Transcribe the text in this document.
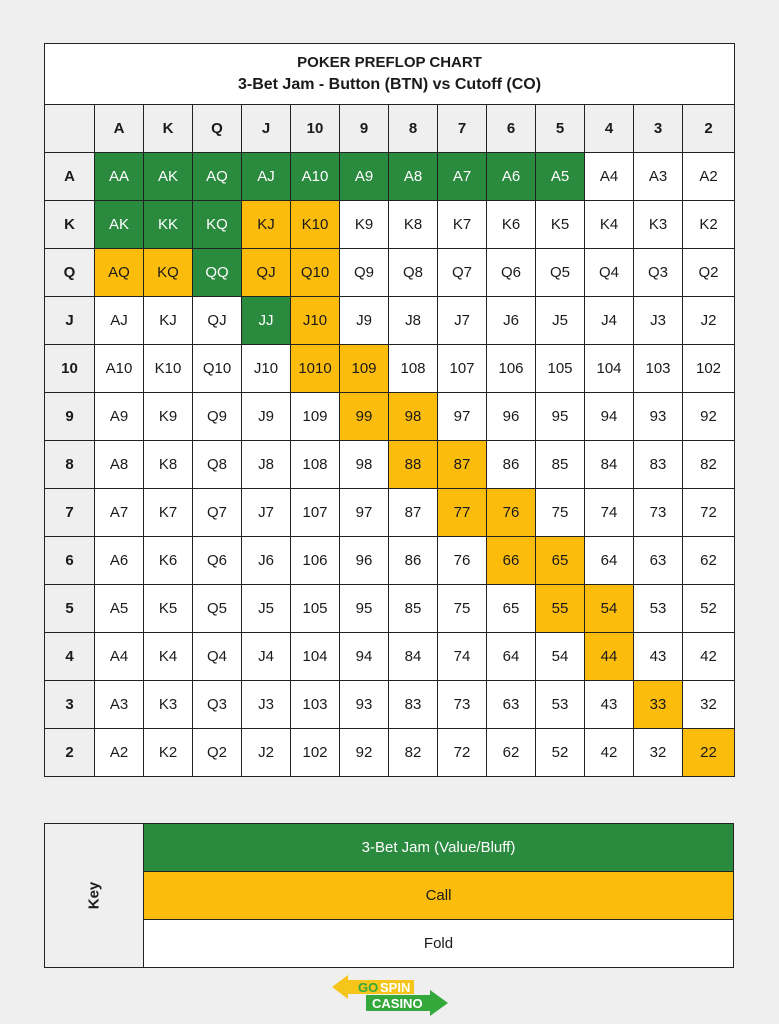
POKER PREFLOP CHART
3-Bet Jam - Button (BTN) vs Cutoff (CO)													

	A	K	Q	J	10	9	8	7	6	5	4	3	2
A	AA	AK	AQ	AJ	A10	A9	A8	A7	A6	A5	A4	A3	A2
K	AK	KK	KQ	KJ	K10	K9	K8	K7	K6	K5	K4	K3	K2
Q	AQ	KQ	QQ	QJ	Q10	Q9	Q8	Q7	Q6	Q5	Q4	Q3	Q2
J	AJ	KJ	QJ	JJ	J10	J9	J8	J7	J6	J5	J4	J3	J2
10	A10	K10	Q10	J10	1010	109	108	107	106	105	104	103	102
9	A9	K9	Q9	J9	109	99	98	97	96	95	94	93	92
8	A8	K8	Q8	J8	108	98	88	87	86	85	84	83	82
7	A7	K7	Q7	J7	107	97	87	77	76	75	74	73	72
6	A6	K6	Q6	J6	106	96	86	76	66	65	64	63	62
5	A5	K5	Q5	J5	105	95	85	75	65	55	54	53	52
4	A4	K4	Q4	J4	104	94	84	74	64	54	44	43	42
3	A3	K3	Q3	J3	103	93	83	73	63	53	43	33	32
2	A2	K2	Q2	J2	102	92	82	72	62	52	42	32	22
Key	3-Bet Jam (Value/Bluff)
Call
Fold
GO SPIN
CASINO
